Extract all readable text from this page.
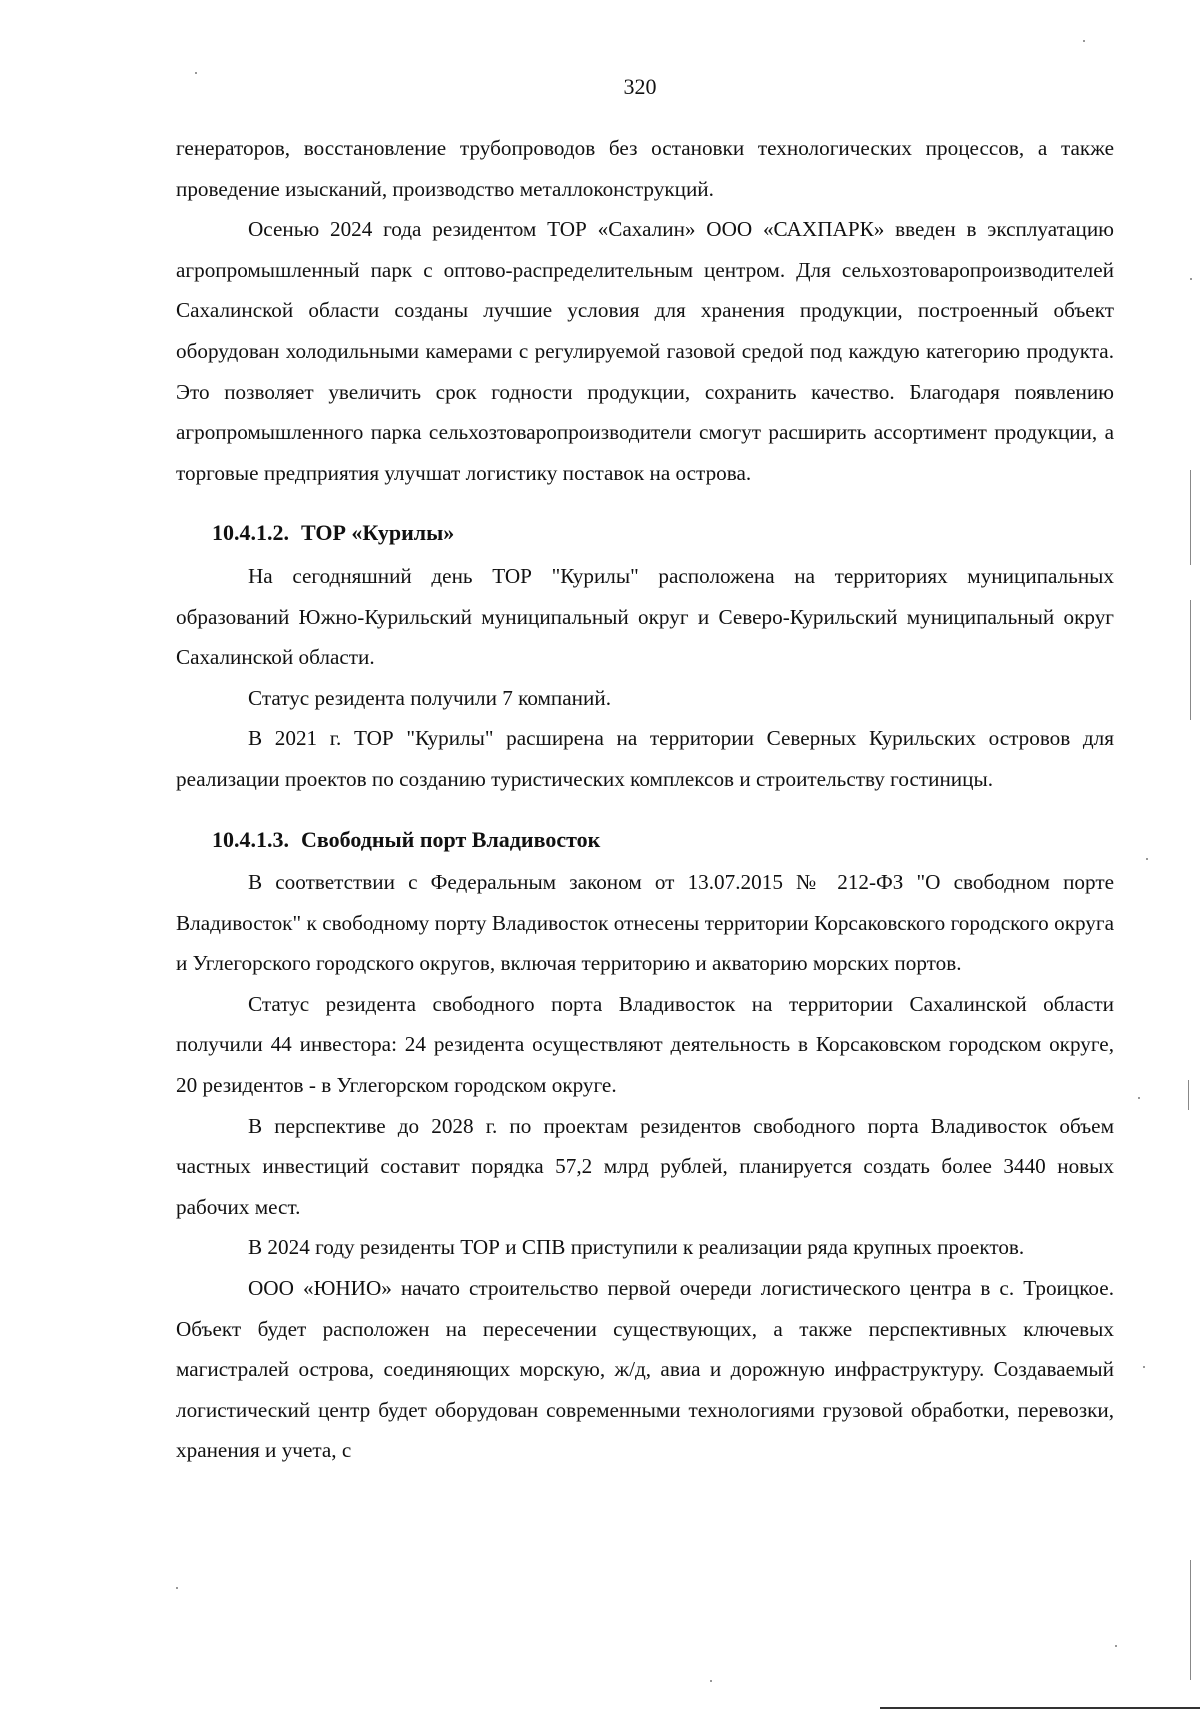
320

генераторов, восстановление трубопроводов без остановки технологических процессов, а также проведение изысканий, производство металлоконструкций.

Осенью 2024 года резидентом ТОР «Сахалин» ООО «САХПАРК» введен в эксплуатацию агропромышленный парк с оптово-распределительным центром. Для сельхозтоваропроизводителей Сахалинской области созданы лучшие условия для хранения продукции, построенный объект оборудован холодильными камерами с регулируемой газовой средой под каждую категорию продукта. Это позволяет увеличить срок годности продукции, сохранить качество. Благодаря появлению агропромышленного парка сельхозтоваропроизводители смогут расширить ассортимент продукции, а торговые предприятия улучшат логистику поставок на острова.

10.4.1.2. ТОР «Курилы»

На сегодняшний день ТОР "Курилы" расположена на территориях муниципальных образований Южно-Курильский муниципальный округ и Северо-Курильский муниципальный округ Сахалинской области.

Статус резидента получили 7 компаний.

В 2021 г. ТОР "Курилы" расширена на территории Северных Курильских островов для реализации проектов по созданию туристических комплексов и строительству гостиницы.

10.4.1.3. Свободный порт Владивосток

В соответствии с Федеральным законом от 13.07.2015 № 212-ФЗ "О свободном порте Владивосток" к свободному порту Владивосток отнесены территории Корсаковского городского округа и Углегорского городского округов, включая территорию и акваторию морских портов.

Статус резидента свободного порта Владивосток на территории Сахалинской области получили 44 инвестора: 24 резидента осуществляют деятельность в Корсаковском городском округе, 20 резидентов - в Углегорском городском округе.

В перспективе до 2028 г. по проектам резидентов свободного порта Владивосток объем частных инвестиций составит порядка 57,2 млрд рублей, планируется создать более 3440 новых рабочих мест.

В 2024 году резиденты ТОР и СПВ приступили к реализации ряда крупных проектов.

ООО «ЮНИО» начато строительство первой очереди логистического центра в с. Троицкое. Объект будет расположен на пересечении существующих, а также перспективных ключевых магистралей острова, соединяющих морскую, ж/д, авиа и дорожную инфраструктуру. Создаваемый логистический центр будет оборудован современными технологиями грузовой обработки, перевозки, хранения и учета, с
